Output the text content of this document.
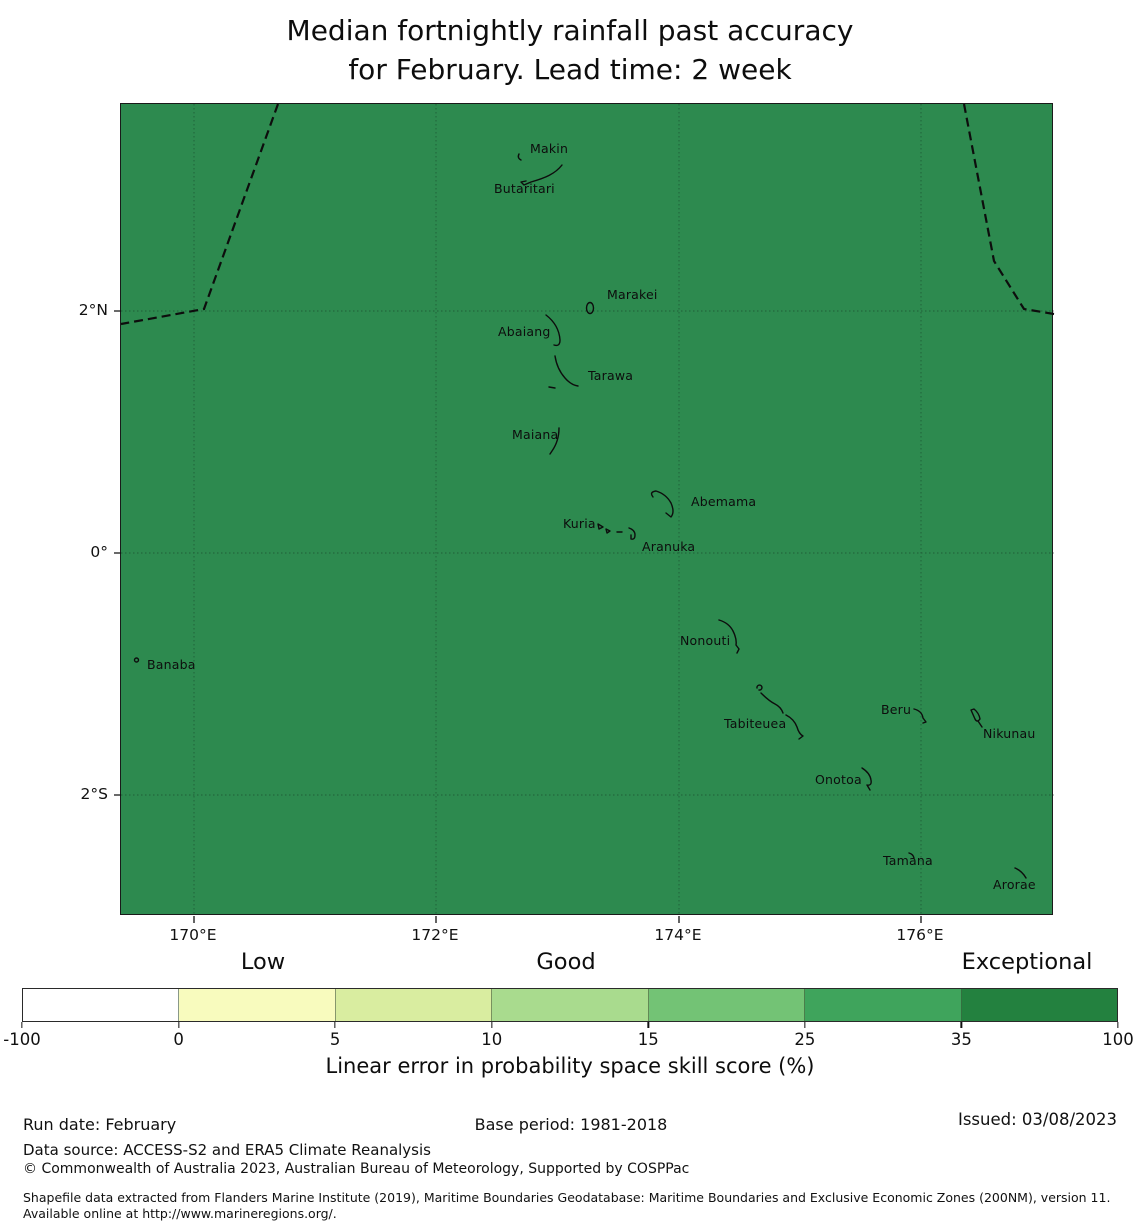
Median fortnightly rainfall past accuracy
for February. Lead time: 2 week
Makin
Butaritari
Marakei
Abaiang
Tarawa
Maiana
Abemama
Kuria
Aranuka
Nonouti
Banaba
Tabiteuea
Beru
Nikunau
Onotoa
Tamana
Arorae
2°N
0°
2°S
170°E	172°E	174°E	176°E
Low	Good	Exceptional
-100	0	5	10	15	25	35	100
Linear error in probability space skill score (%)
Run date: February	Base period: 1981-2018	Issued: 03/08/2023
Data source: ACCESS-S2 and ERA5 Climate Reanalysis
© Commonwealth of Australia 2023, Australian Bureau of Meteorology, Supported by COSPPac
Shapefile data extracted from Flanders Marine Institute (2019), Maritime Boundaries Geodatabase: Maritime Boundaries and Exclusive Economic Zones (200NM), version 11. Available online at http://www.marineregions.org/.
